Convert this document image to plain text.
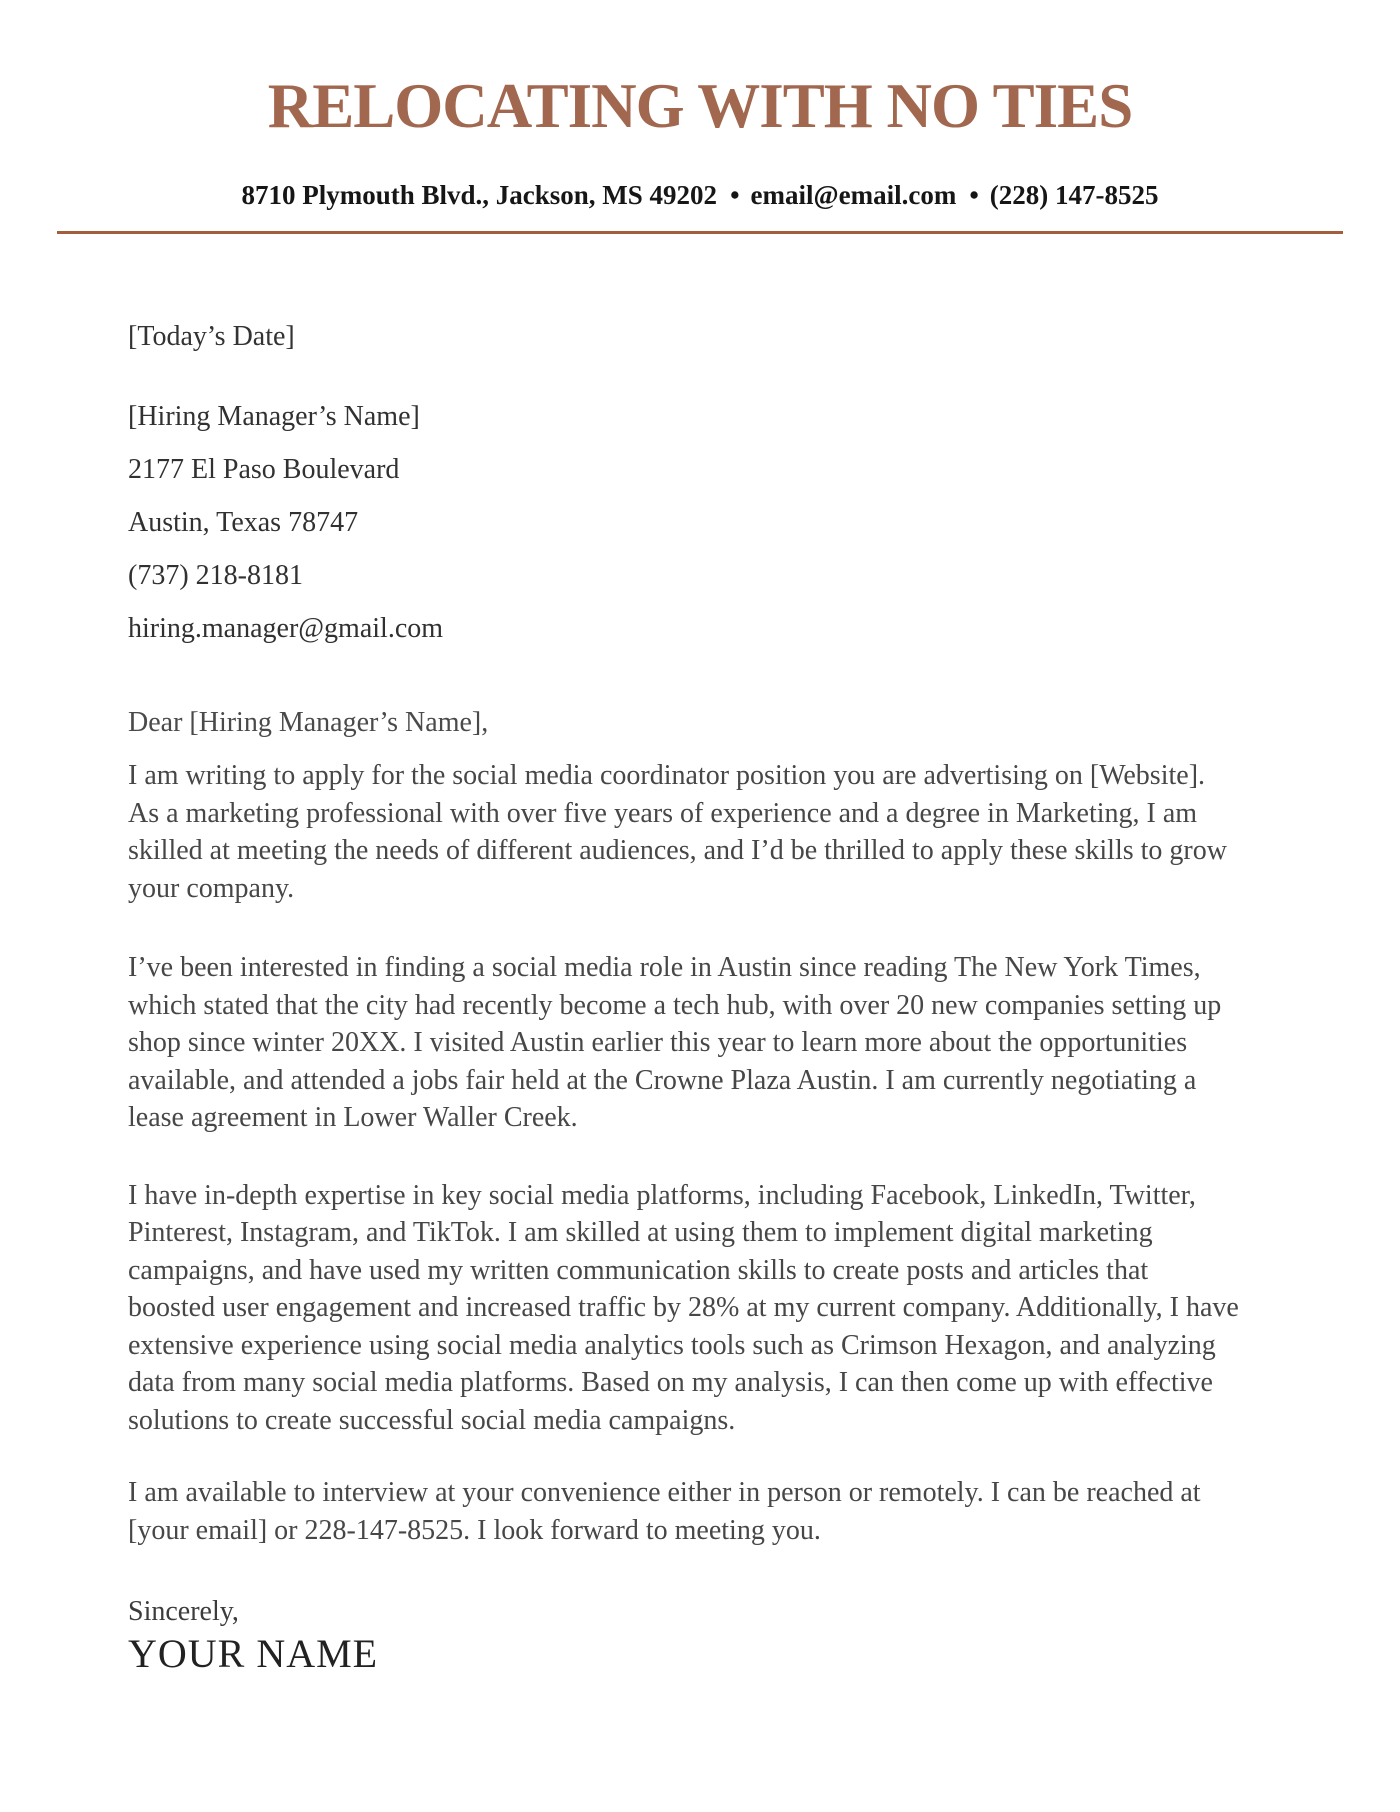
RELOCATING WITH NO TIES
8710 Plymouth Blvd., Jackson, MS 49202 • email@email.com • (228) 147-8525
[Today’s Date]
[Hiring Manager’s Name]
2177 El Paso Boulevard
Austin, Texas 78747
(737) 218-8181
hiring.manager@gmail.com
Dear [Hiring Manager’s Name],

I am writing to apply for the social media coordinator position you are advertising on [Website]. As a marketing professional with over five years of experience and a degree in Marketing, I am skilled at meeting the needs of different audiences, and I’d be thrilled to apply these skills to grow your company.

I’ve been interested in finding a social media role in Austin since reading The New York Times, which stated that the city had recently become a tech hub, with over 20 new companies setting up shop since winter 20XX. I visited Austin earlier this year to learn more about the opportunities available, and attended a jobs fair held at the Crowne Plaza Austin. I am currently negotiating a lease agreement in Lower Waller Creek.

I have in-depth expertise in key social media platforms, including Facebook, LinkedIn, Twitter, Pinterest, Instagram, and TikTok. I am skilled at using them to implement digital marketing campaigns, and have used my written communication skills to create posts and articles that boosted user engagement and increased traffic by 28% at my current company. Additionally, I have extensive experience using social media analytics tools such as Crimson Hexagon, and analyzing data from many social media platforms. Based on my analysis, I can then come up with effective solutions to create successful social media campaigns.

I am available to interview at your convenience either in person or remotely. I can be reached at [your email] or 228-147-8525. I look forward to meeting you.

Sincerely,
YOUR NAME
